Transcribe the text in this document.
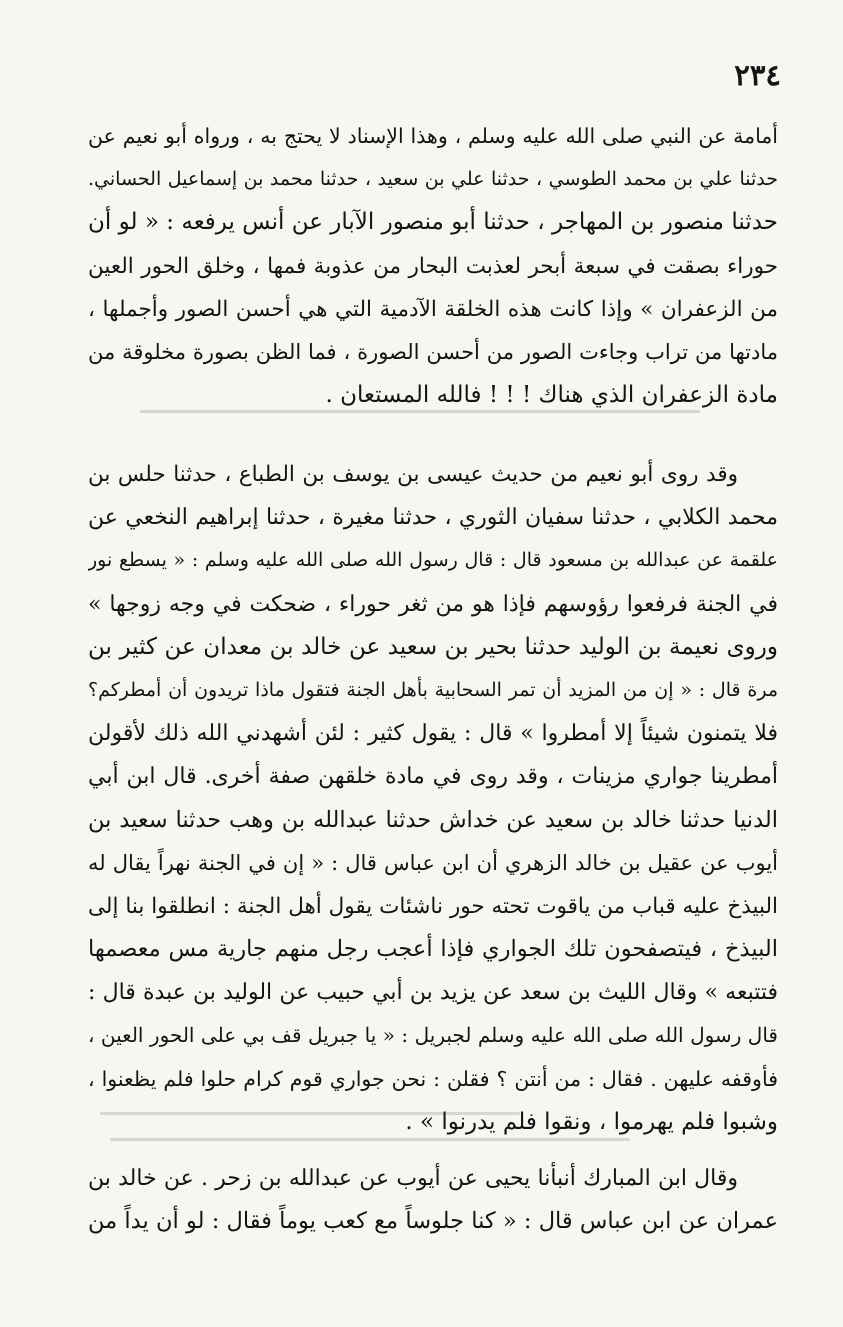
٢٣٤
أمامة عن النبي صلى الله عليه وسلم ، وهذا الإسناد لا يحتج به ، ورواه أبو نعيم عن
حدثنا علي بن محمد الطوسي ، حدثنا علي بن سعيد ، حدثنا محمد بن إسماعيل الحساني.
حدثنا منصور بن المهاجر ، حدثنا أبو منصور الآبار عن أنس يرفعه : « لو أن
حوراء بصقت في سبعة أبحر لعذبت البحار من عذوبة فمها ، وخلق الحور العين
من الزعفران » وإذا كانت هذه الخلقة الآدمية التي هي أحسن الصور وأجملها ،
مادتها من تراب وجاءت الصور من أحسن الصورة ، فما الظن بصورة مخلوقة من
مادة الزعفران الذي هناك ! ! ! فالله المستعان .
وقد روى أبو نعيم من حديث عيسى بن يوسف بن الطباع ، حدثنا حلس بن
محمد الكلابي ، حدثنا سفيان الثوري ، حدثنا مغيرة ، حدثنا إبراهيم النخعي عن
علقمة عن عبدالله بن مسعود قال : قال رسول الله صلى الله عليه وسلم : « يسطع نور
في الجنة فرفعوا رؤوسهم فإذا هو من ثغر حوراء ، ضحكت في وجه زوجها »
وروى نعيمة بن الوليد حدثنا بحير بن سعيد عن خالد بن معدان عن كثير بن
مرة قال : « إن من المزيد أن تمر السحابية بأهل الجنة فتقول ماذا تريدون أن أمطركم؟
فلا يتمنون شيئاً إلا أمطروا » قال : يقول كثير : لئن أشهدني الله ذلك لأقولن
أمطرينا جواري مزينات ، وقد روى في مادة خلقهن صفة أخرى. قال ابن أبي
الدنيا حدثنا خالد بن سعيد عن خداش حدثنا عبدالله بن وهب حدثنا سعيد بن
أيوب عن عقيل بن خالد الزهري أن ابن عباس قال : « إن في الجنة نهراً يقال له
البيذخ عليه قباب من ياقوت تحته حور ناشئات يقول أهل الجنة : انطلقوا بنا إلى
البيذخ ، فيتصفحون تلك الجواري فإذا أعجب رجل منهم جارية مس معصمها
فتتبعه » وقال الليث بن سعد عن يزيد بن أبي حبيب عن الوليد بن عبدة قال :
قال رسول الله صلى الله عليه وسلم لجبريل : « يا جبريل قف بي على الحور العين ،
فأوقفه عليهن . فقال : من أنتن ؟ فقلن : نحن جواري قوم كرام حلوا فلم يظعنوا ،
وشبوا فلم يهرموا ، ونقوا فلم يدرنوا » .
وقال ابن المبارك أنبأنا يحيى عن أيوب عن عبدالله بن زحر . عن خالد بن
عمران عن ابن عباس قال : « كنا جلوساً مع كعب يوماً فقال : لو أن يداً من
